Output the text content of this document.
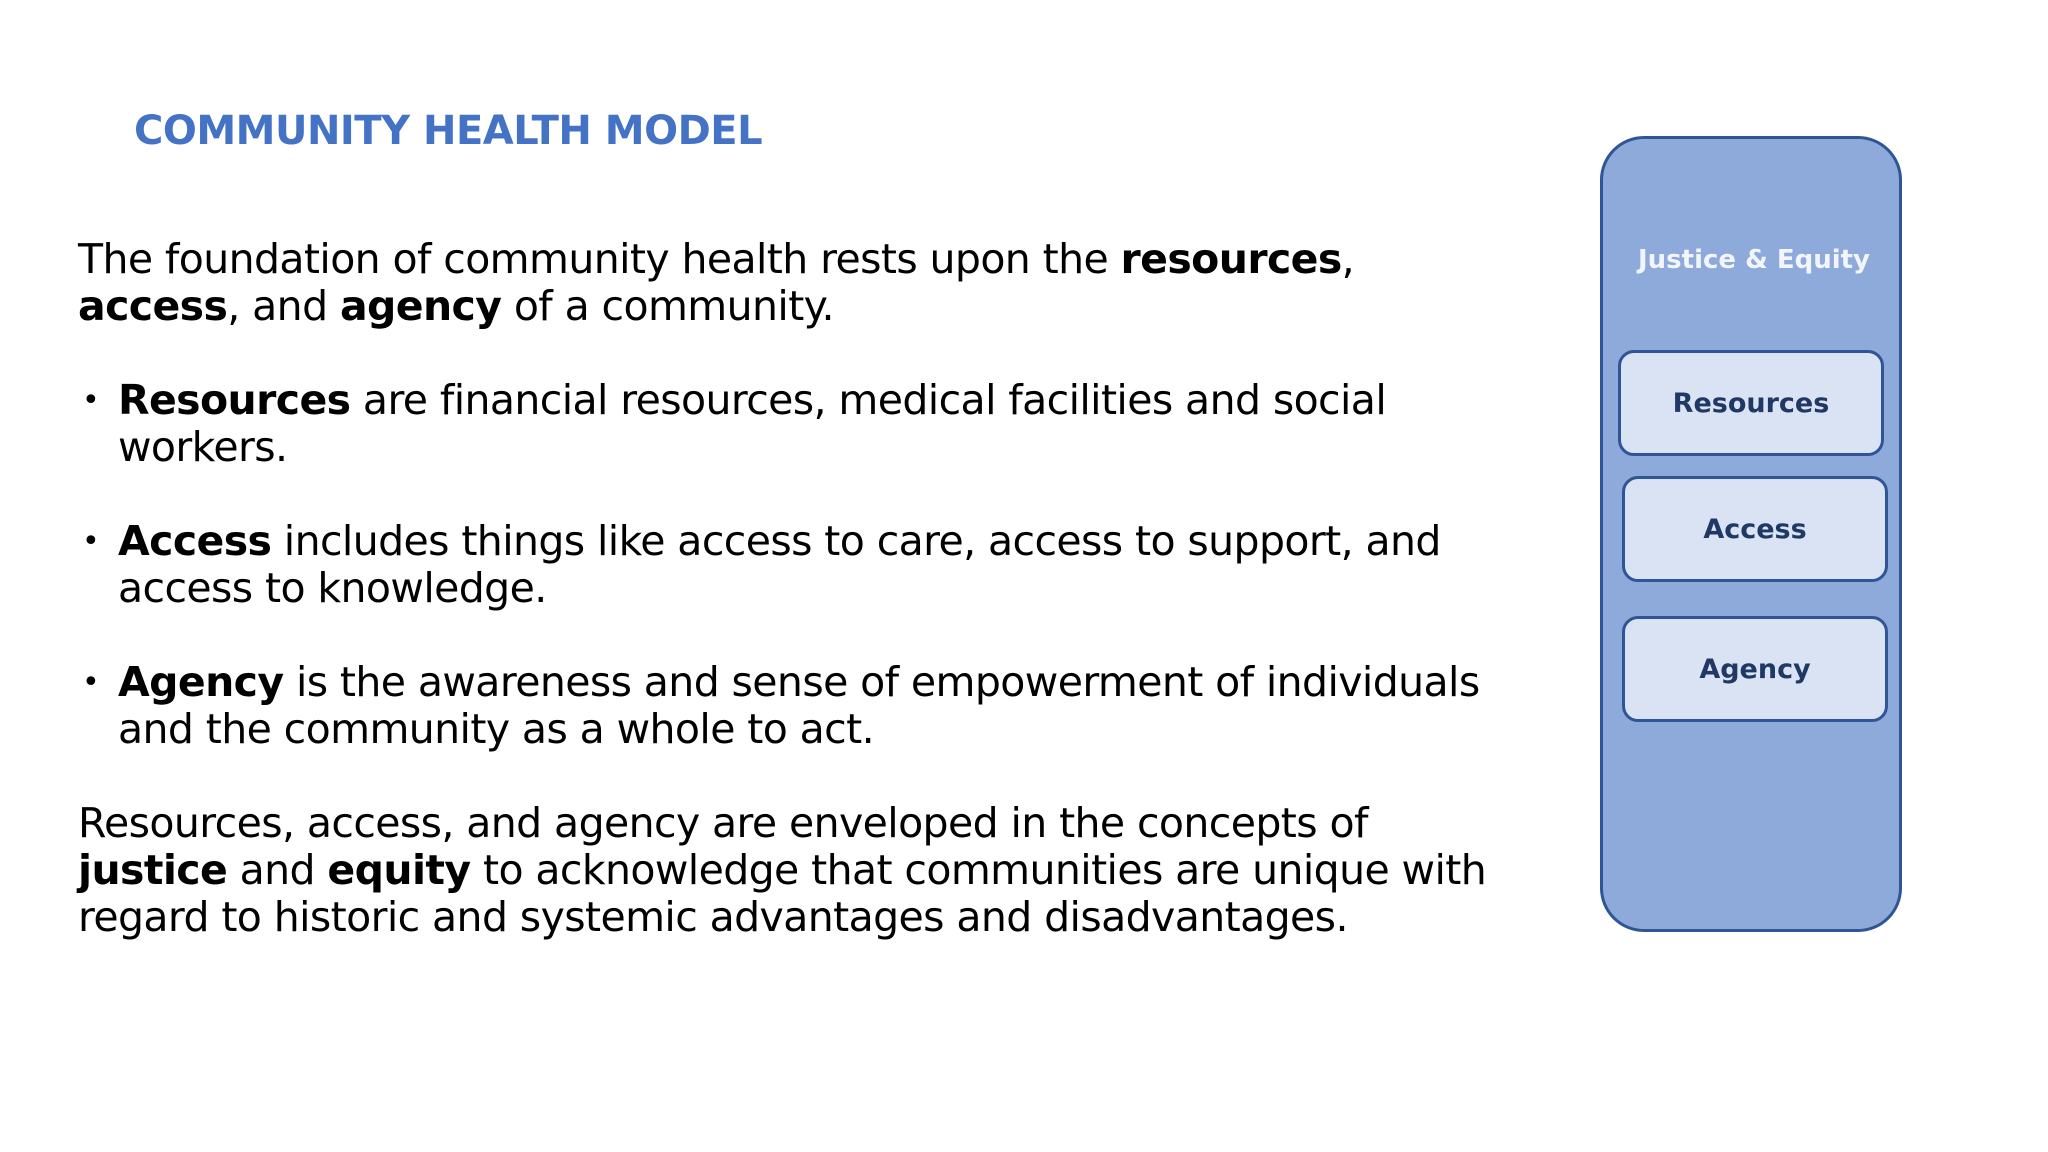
COMMUNITY HEALTH MODEL

The foundation of community health rests upon the resources, access, and agency of a community.

• Resources are financial resources, medical facilities and social workers.
• Access includes things like access to care, access to support, and access to knowledge.
• Agency is the awareness and sense of empowerment of individuals and the community as a whole to act.

Resources, access, and agency are enveloped in the concepts of justice and equity to acknowledge that communities are unique with regard to historic and systemic advantages and disadvantages.

Justice & Equity
Resources
Access
Agency
